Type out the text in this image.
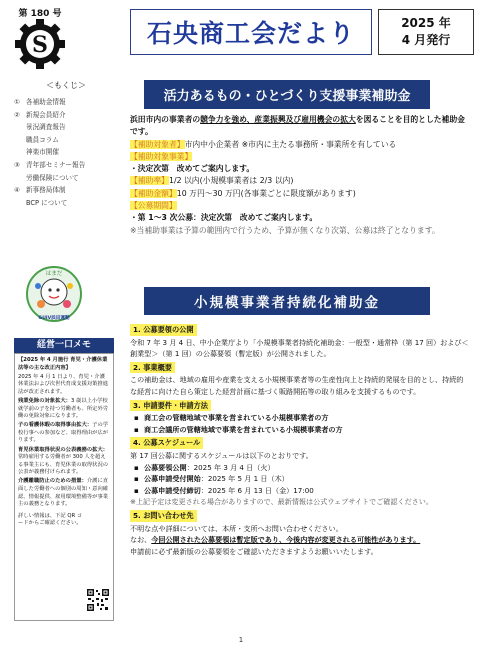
第 180 号
S	石央商工会だより	2025 年
4 月発行
＜もくじ＞
① 各補助金情報
② 新規会員紹介
景況調査報告
職員コラム
神楽市開催
③ 青年部セミナー報告
労働保険について
④ 新事務局体制
BCP について
はまだ
GUIV浜田運動
経営一口メモ

【2025 年 4 月施行 育児・介護休業法等の主な改正内容】

2025 年 4 月 1 日より、育児・介護休業法および次世代育成支援対策推進法が改正されます。

残業免除の対象拡大：3 歳以上小学校就学前の子を持つ労働者も、所定外労働の免除対象になります。

子の看護休暇の取得事由拡大：子の学校行事への参加など、取得理由が広がります。

育児休業取得状況の公表義務の拡大：常時雇用する労働者が 300 人を超える事業主にも、育児休業の取得状況の公表が義務付けられます。

介護離職防止のための措置：介護に直面した労働者への個別の周知・意向確認、情報提供、雇用環境整備等が事業主の義務となります。

詳しい情報は、下記 QR コードからご確認ください。

活力あるもの・ひとづくり支援事業補助金

浜田市内の事業者の競争力を強め、産業振興及び雇用機会の拡大を図ることを目的とした補助金です。

【補助対象者】市内中小企業者 ※市内に主たる事務所・事業所を有している

【補助対象事業】

・決定次第　改めてご案内します。

【補助率】1/2 以内(小規模事業者は 2/3 以内)

【補助金額】10 万円～30 万円(各事業ごとに限度額があります)

【公募期間】

・第 1～3 次公募：決定次第　改めてご案内します。

※当補助事業は予算の範囲内で行うため、予算が無くなり次第、公募は終了となります。

小規模事業者持続化補助金
1. 公募要領の公開

令和 7 年 3 月 4 日、中小企業庁より「小規模事業者持続化補助金：一般型・通常枠（第 17 回）および＜創業型＞（第 1 回）の公募要領（暫定版）が公開されました。

2. 事業概要

この補助金は、地域の雇用や産業を支える小規模事業者等の生産性向上と持続的発展を目的とし、持続的な経営に向けた自ら策定した経営計画に基づく販路開拓等の取り組みを支援するものです。

3. 申請要件・申請方法

▪ 商工会の管轄地域で事業を営まれている小規模事業者の方

▪ 商工会議所の管轄地域で事業を営まれている小規模事業者の方

4. 公募スケジュール

第 17 回公募に関するスケジュールは以下のとおりです。

▪ 公募要領公開：2025 年 3 月 4 日（火）

▪ 公募申請受付開始：2025 年 5 月 1 日（木）

▪ 公募申請受付締切：2025 年 6 月 13 日（金）17:00

※上記予定は変更される場合がありますので、最新情報は公式ウェブサイトでご確認ください。

5. お問い合わせ先

不明な点や詳細については、本所・支所へお問い合わせください。

なお、今回公開された公募要領は暫定版であり、今後内容が変更される可能性があります。

申請前に必ず最新版の公募要領をご確認いただきますようお願いいたします。

1
